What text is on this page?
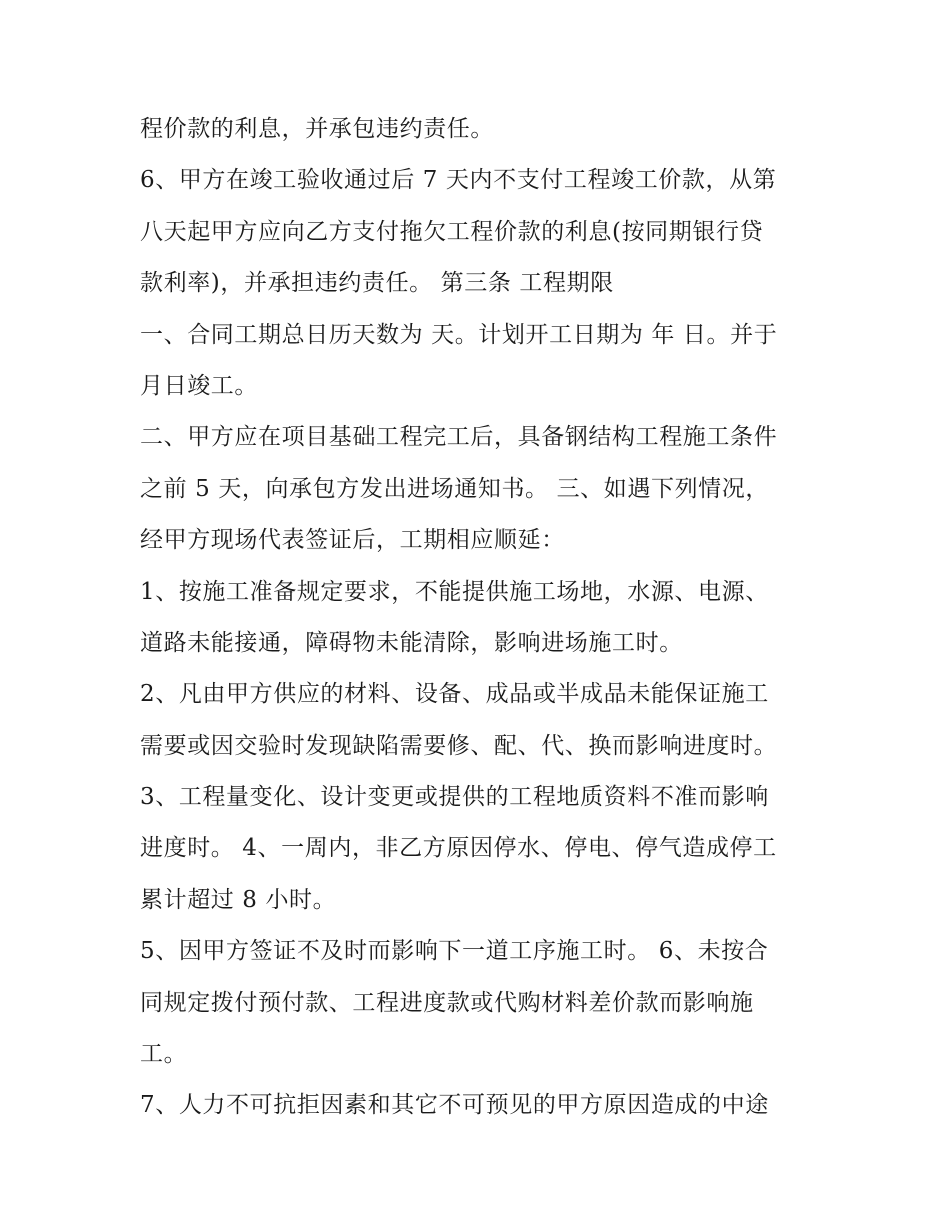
程价款的利息，并承包违约责任。
6、甲方在竣工验收通过后 7 天内不支付工程竣工价款，从第
八天起甲方应向乙方支付拖欠工程价款的利息(按同期银行贷
款利率)，并承担违约责任。 第三条 工程期限
一、合同工期总日历天数为 天。计划开工日期为 年 日。并于
月日竣工。
二、甲方应在项目基础工程完工后，具备钢结构工程施工条件
之前 5 天，向承包方发出进场通知书。 三、如遇下列情况，
经甲方现场代表签证后，工期相应顺延：
1、按施工准备规定要求，不能提供施工场地，水源、电源、
道路未能接通，障碍物未能清除，影响进场施工时。
2、凡由甲方供应的材料、设备、成品或半成品未能保证施工
需要或因交验时发现缺陷需要修、配、代、换而影响进度时。
3、工程量变化、设计变更或提供的工程地质资料不准而影响
进度时。 4、一周内，非乙方原因停水、停电、停气造成停工
累计超过 8 小时。
5、因甲方签证不及时而影响下一道工序施工时。 6、未按合
同规定拨付预付款、工程进度款或代购材料差价款而影响施
工。
7、人力不可抗拒因素和其它不可预见的甲方原因造成的中途
